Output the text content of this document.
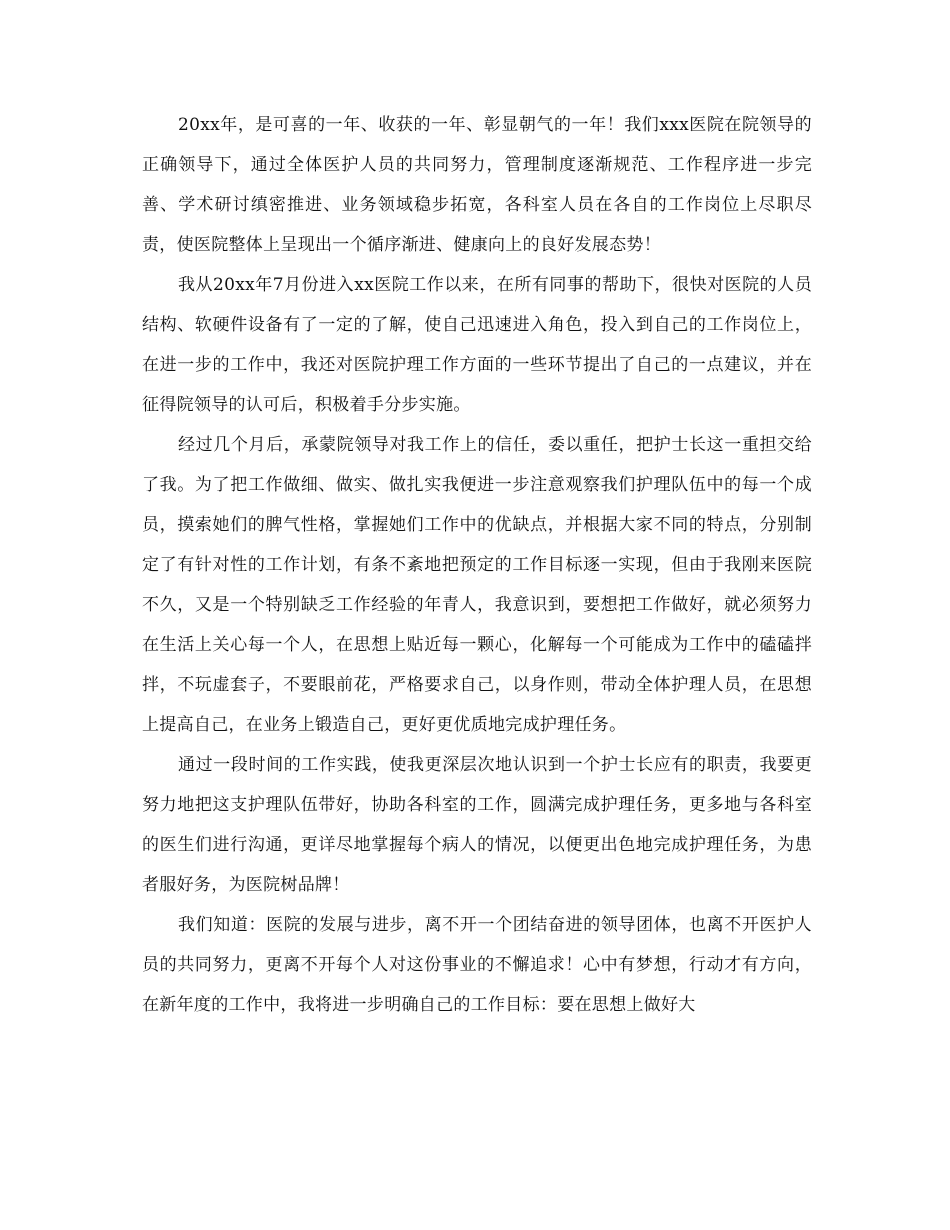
20xx年，是可喜的一年、收获的一年、彰显朝气的一年！我们xxx医院在院领导的正确领导下，通过全体医护人员的共同努力，管理制度逐渐规范、工作程序进一步完善、学术研讨缜密推进、业务领域稳步拓宽，各科室人员在各自的工作岗位上尽职尽责，使医院整体上呈现出一个循序渐进、健康向上的良好发展态势！

我从20xx年7月份进入xx医院工作以来，在所有同事的帮助下，很快对医院的人员结构、软硬件设备有了一定的了解，使自己迅速进入角色，投入到自己的工作岗位上，在进一步的工作中，我还对医院护理工作方面的一些环节提出了自己的一点建议，并在征得院领导的认可后，积极着手分步实施。

经过几个月后，承蒙院领导对我工作上的信任，委以重任，把护士长这一重担交给了我。为了把工作做细、做实、做扎实我便进一步注意观察我们护理队伍中的每一个成员，摸索她们的脾气性格，掌握她们工作中的优缺点，并根据大家不同的特点，分别制定了有针对性的工作计划，有条不紊地把预定的工作目标逐一实现，但由于我刚来医院不久，又是一个特别缺乏工作经验的年青人，我意识到，要想把工作做好，就必须努力在生活上关心每一个人，在思想上贴近每一颗心，化解每一个可能成为工作中的磕磕拌拌，不玩虚套子，不要眼前花，严格要求自己，以身作则，带动全体护理人员，在思想上提高自己，在业务上锻造自己，更好更优质地完成护理任务。

通过一段时间的工作实践，使我更深层次地认识到一个护士长应有的职责，我要更努力地把这支护理队伍带好，协助各科室的工作，圆满完成护理任务，更多地与各科室的医生们进行沟通，更详尽地掌握每个病人的情况，以便更出色地完成护理任务，为患者服好务，为医院树品牌！

我们知道：医院的发展与进步，离不开一个团结奋进的领导团体，也离不开医护人员的共同努力，更离不开每个人对这份事业的不懈追求！心中有梦想，行动才有方向，在新年度的工作中，我将进一步明确自己的工作目标：要在思想上做好大
